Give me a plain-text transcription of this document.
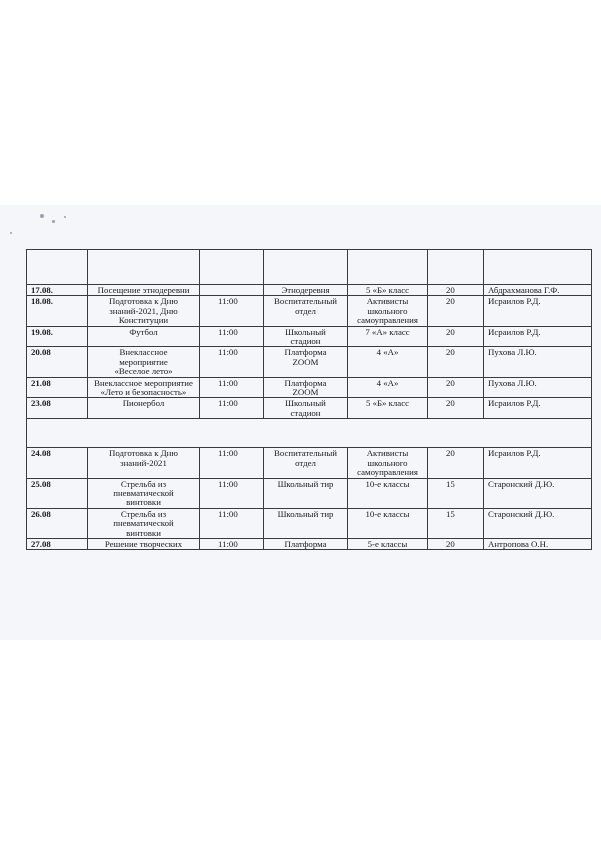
17.08.	Посещение этнодеревни		Этнодеревня	5 «Б» класс	20	Абдрахманова Г.Ф.
18.08.	Подготовка к Дню
знаний-2021, Дню
Конституции	11:00	Воспитательный
отдел	Активисты
школьного
самоуправления	20	Исраилов Р.Д.
19.08.	Футбол	11:00	Школьный
стадион	7 «А» класс	20	Исраилов Р.Д.
20.08	Внеклассное
мероприятие
«Веселое лето»	11:00	Платформа
ZOOM	4 «А»	20	Пухова Л.Ю.
21.08	Внеклассное мероприятие
«Лето и безопасность»	11:00	Платформа
ZOOM	4 «А»	20	Пухова Л.Ю.
23.08	Пионербол	11:00	Школьный
стадион	5 «Б» класс	20	Исраилов Р.Д.

24.08	Подготовка к Дню
знаний-2021	11:00	Воспитательный
отдел	Активисты
школьного
самоуправления	20	Исраилов Р.Д.
25.08	Стрельба из
пневматической
винтовки	11:00	Школьный тир	10-е классы	15	Старонский Д.Ю.
26.08	Стрельба из
пневматической
винтовки	11:00	Школьный тир	10-е классы	15	Старонский Д.Ю.
27.08	Решение творческих	11:00	Платформа	5-е классы	20	Антропова О.Н.
